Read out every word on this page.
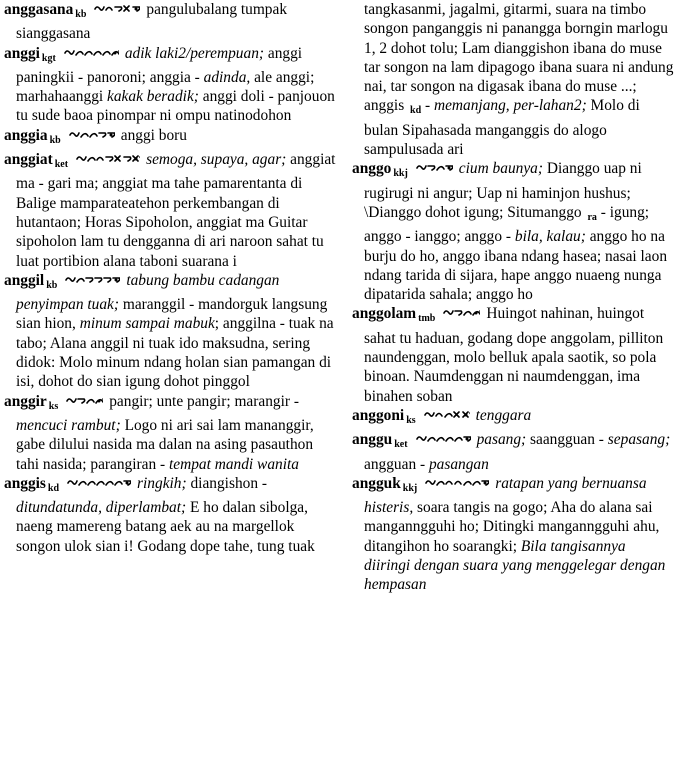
anggasana kb	pangulubalang tumpak sianggasana

anggi kgt	adik laki2/perempuan; anggi paningkii - panoroni; anggia - adinda, ale anggi; marhahaanggi kakak beradik; anggi doli - panjouon tu sude baoa pinompar ni ompu natinodohon

anggia kb	anggi boru

anggiat ket	semoga, supaya, agar; anggiat ma - gari ma; anggiat ma tahe pamarentanta di Balige mamparateatehon perkembangan di hutantaon; Horas Sipoholon, anggiat ma Guitar sipoholon lam tu dengganna di ari naroon sahat tu luat portibion alana taboni suarana i

anggil kb	tabung bambu cadangan penyimpan tuak; maranggil - mandorguk langsung sian hion, minum sampai mabuk; anggilna - tuak na tabo; Alana anggil ni tuak ido maksudna, sering didok: Molo minum ndang holan sian pamangan di isi, dohot do sian igung dohot pinggol

anggir ks	pangir; unte pangir; marangir - mencuci rambut; Logo ni ari sai lam mananggir, gabe dilului nasida ma dalan na asing pasauthon tahi nasida; parangiran - tempat mandi wanita

anggis kd	ringkih; diangishon - ditundatunda, diperlambat; E ho dalan sibolga, naeng mamereng batang aek au na margellok songon ulok sian i! Godang dope tahe, tung tuak

tangkasanmi, jagalmi, gitarmi, suara na timbo songon panganggis ni panangga borngin marlogu 1, 2 dohot tolu; Lam dianggishon ibana do muse tar songon na lam dipagogo ibana suara ni andung nai, tar songon na digasak ibana do muse ...; anggis kd - memanjang, per-lahan2; Molo di bulan Sipahasada manganggis do alogo sampulusada ari

anggo kkj	cium baunya; Dianggo uap ni rugirugi ni angur; Uap ni haminjon hushus; \Dianggo dohot igung; Situmanggo ra - igung; anggo - ianggo; anggo - bila, kalau; anggo ho na burju do ho, anggo ibana ndang hasea; nasai laon ndang tarida di sijara, hape anggo nuaeng nunga dipatarida sahala; anggo ho

anggolam tmb	Huingot nahinan, huingot sahat tu haduan, godang dope anggolam, pilliton naundenggan, molo belluk apala saotik, so pola binoan. Naumdenggan ni naumdenggan, ima binahen soban

anggoni ks	tenggara

anggu ket	pasang; saangguan - sepasang; angguan - pasangan

angguk kkj	ratapan yang bernuansa histeris, soara tangis na gogo; Aha do alana sai manganngguhi ho; Ditingki manganngguhi ahu, ditangihon ho soarangki; Bila tangisannya diiringi dengan suara yang menggelegar dengan hempasan
